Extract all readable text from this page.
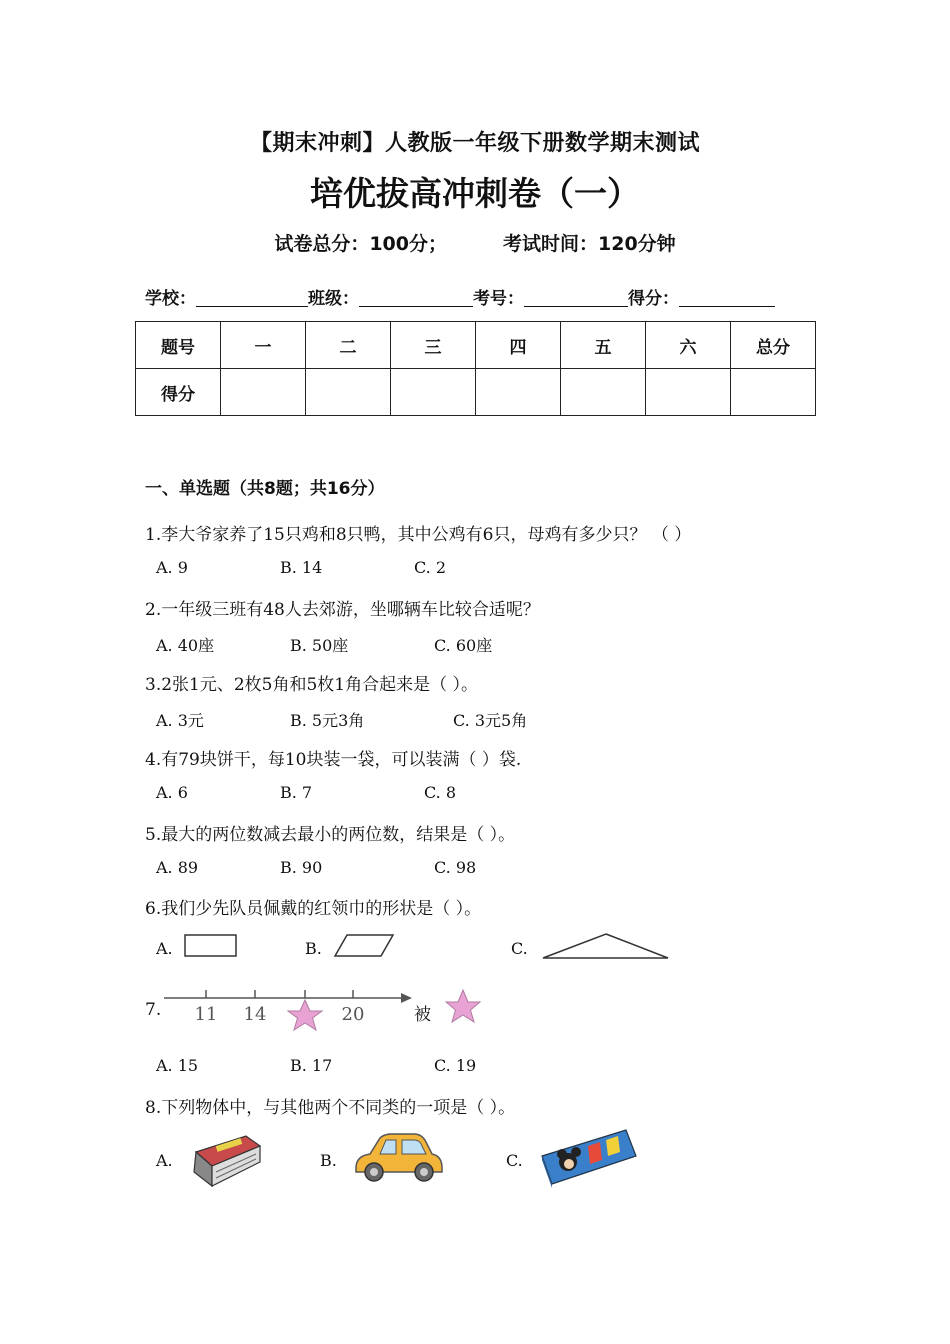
【期末冲刺】人教版一年级下册数学期末测试
培优拔高冲刺卷（一）
试卷总分：100分；	考试时间：120分钟
学校：	班级：	考号：	得分：
题号	一	二	三	四	五	六	总分
得分							
一、单选题（共8题；共16分）
1.李大爷家养了15只鸡和8只鸭，其中公鸡有6只，母鸡有多少只？ （ ）
A. 9	B. 14	C. 2
2.一年级三班有48人去郊游，坐哪辆车比较合适呢？
A. 40座	B. 50座	C. 60座
3.2张1元、2枚5角和5枚1角合起来是（ ）。
A. 3元	B. 5元3角	C. 3元5角
4.有79块饼干，每10块装一袋，可以装满（ ）袋.
A. 6	B. 7	C. 8
5.最大的两位数减去最小的两位数，结果是（ ）。
A. 89	B. 90	C. 98
6.我们少先队员佩戴的红领巾的形状是（ ）。
A.	B.	C.
7. 11 14	20	被
A. 15	B. 17	C. 19
8.下列物体中，与其他两个不同类的一项是（ ）。
A.	B.	C.
